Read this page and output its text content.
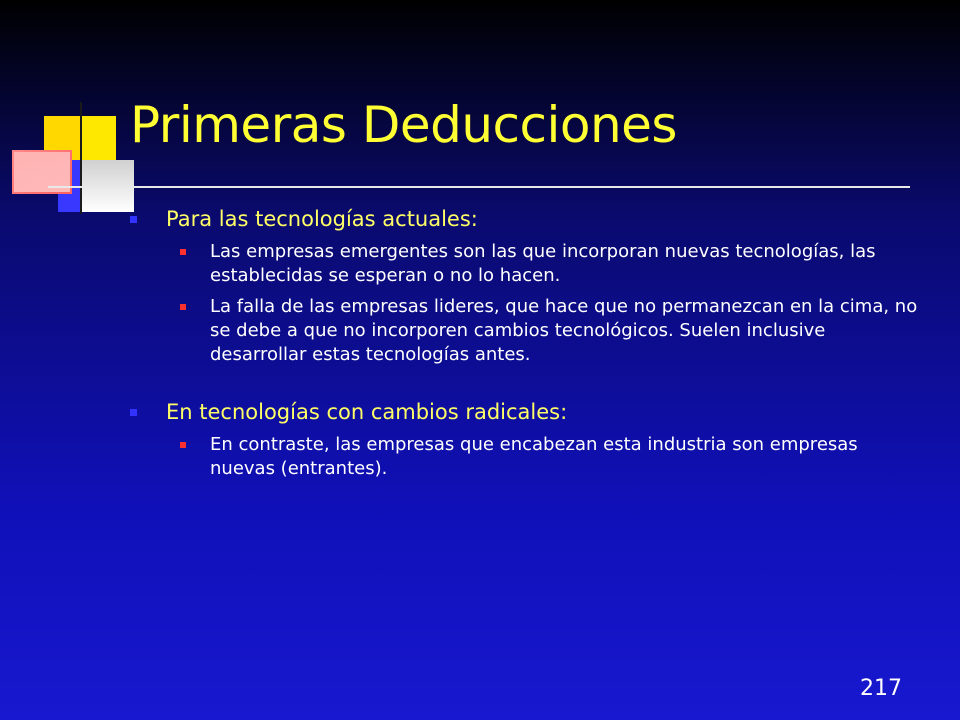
Primeras Deducciones
Para las tecnologías actuales:
Las empresas emergentes son las que incorporan nuevas tecnologías, las establecidas se esperan o no lo hacen.
La falla de las empresas lideres, que hace que no permanezcan en la cima, no se debe a que no incorporen cambios tecnológicos. Suelen inclusive desarrollar estas tecnologías antes.
En tecnologías con cambios radicales:
En contraste, las empresas que encabezan esta industria son empresas nuevas (entrantes).
217
